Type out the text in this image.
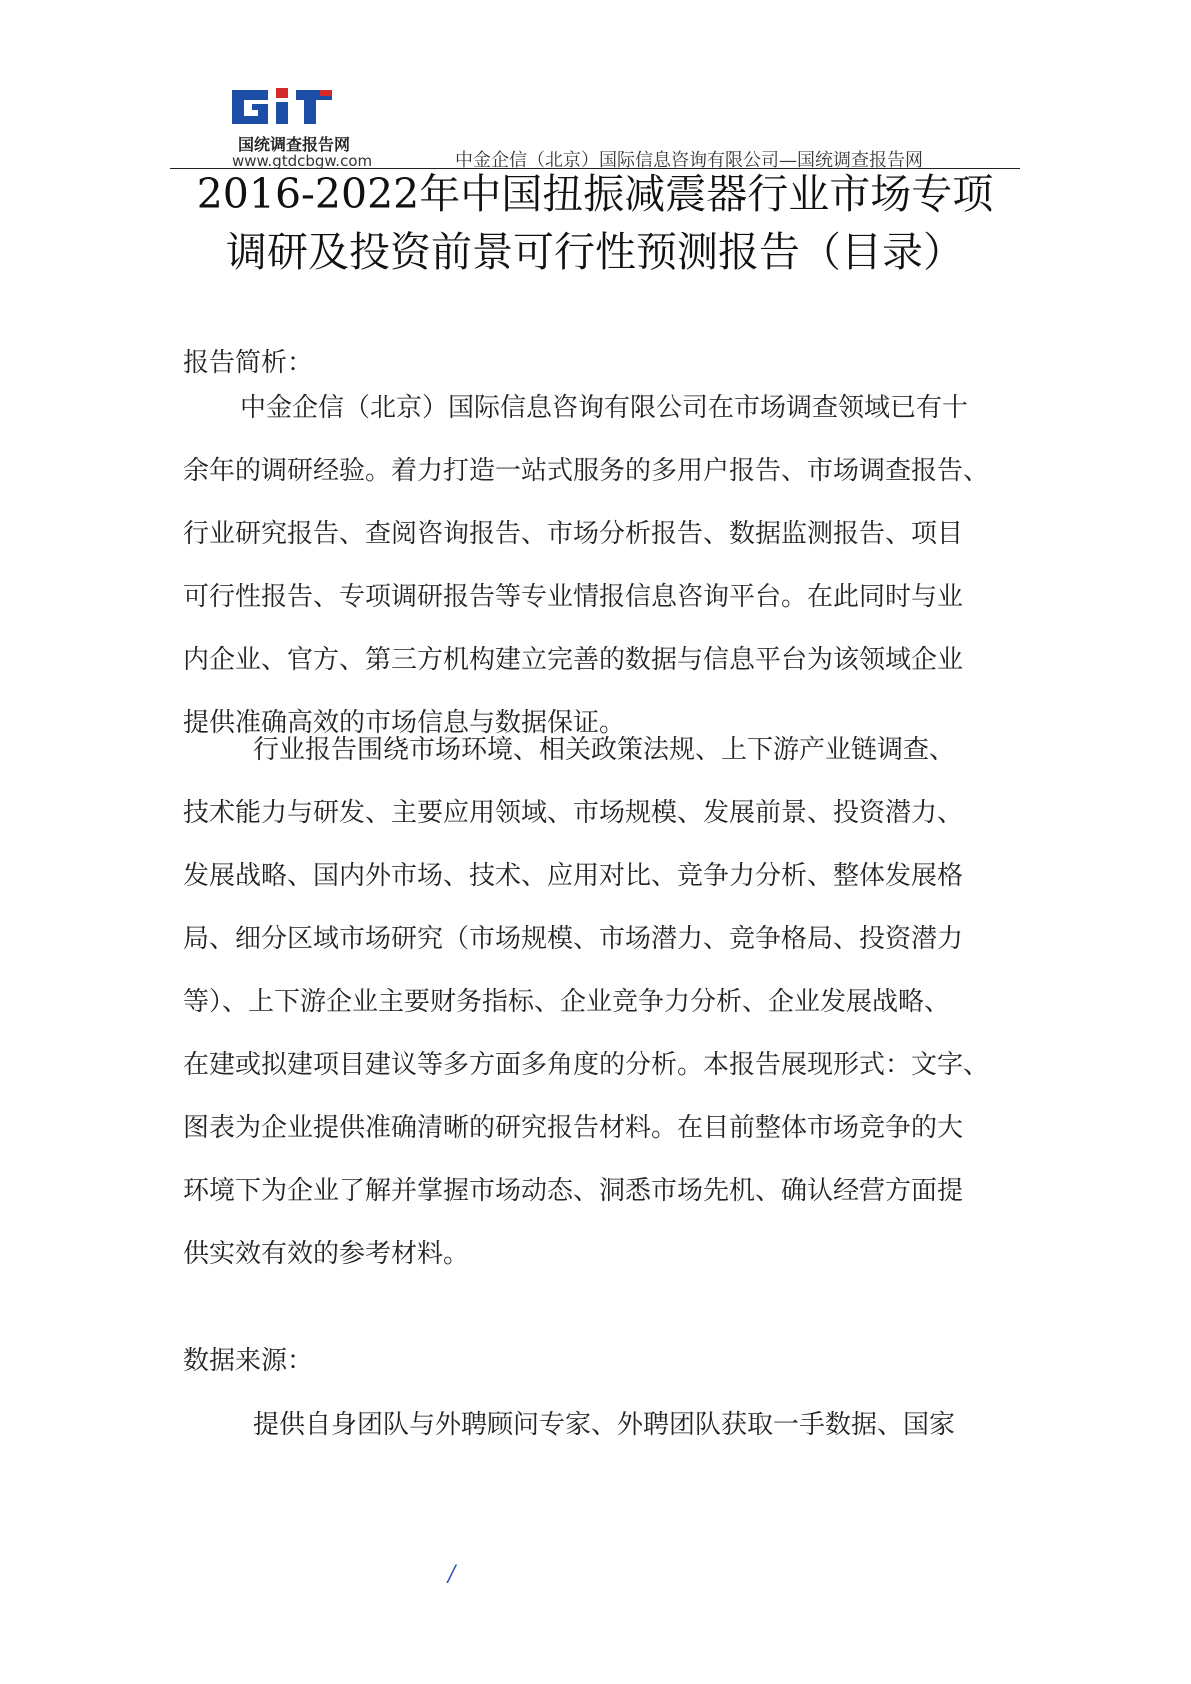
国统调查报告网
www.gtdcbgw.com	中金企信（北京）国际信息咨询有限公司—国统调查报告网
2016-2022年中国扭振减震器行业市场专项
调研及投资前景可行性预测报告（目录）
报告简析：
中金企信（北京）国际信息咨询有限公司在市场调查领域已有十
余年的调研经验。着力打造一站式服务的多用户报告、市场调查报告、
行业研究报告、查阅咨询报告、市场分析报告、数据监测报告、项目
可行性报告、专项调研报告等专业情报信息咨询平台。在此同时与业
内企业、官方、第三方机构建立完善的数据与信息平台为该领域企业
提供准确高效的市场信息与数据保证。
行业报告围绕市场环境、相关政策法规、上下游产业链调查、
技术能力与研发、主要应用领域、市场规模、发展前景、投资潜力、
发展战略、国内外市场、技术、应用对比、竞争力分析、整体发展格
局、细分区域市场研究（市场规模、市场潜力、竞争格局、投资潜力
等）、上下游企业主要财务指标、企业竞争力分析、企业发展战略、
在建或拟建项目建议等多方面多角度的分析。本报告展现形式：文字、
图表为企业提供准确清晰的研究报告材料。在目前整体市场竞争的大
环境下为企业了解并掌握市场动态、洞悉市场先机、确认经营方面提
供实效有效的参考材料。
数据来源：
提供自身团队与外聘顾问专家、外聘团队获取一手数据、国家
/
